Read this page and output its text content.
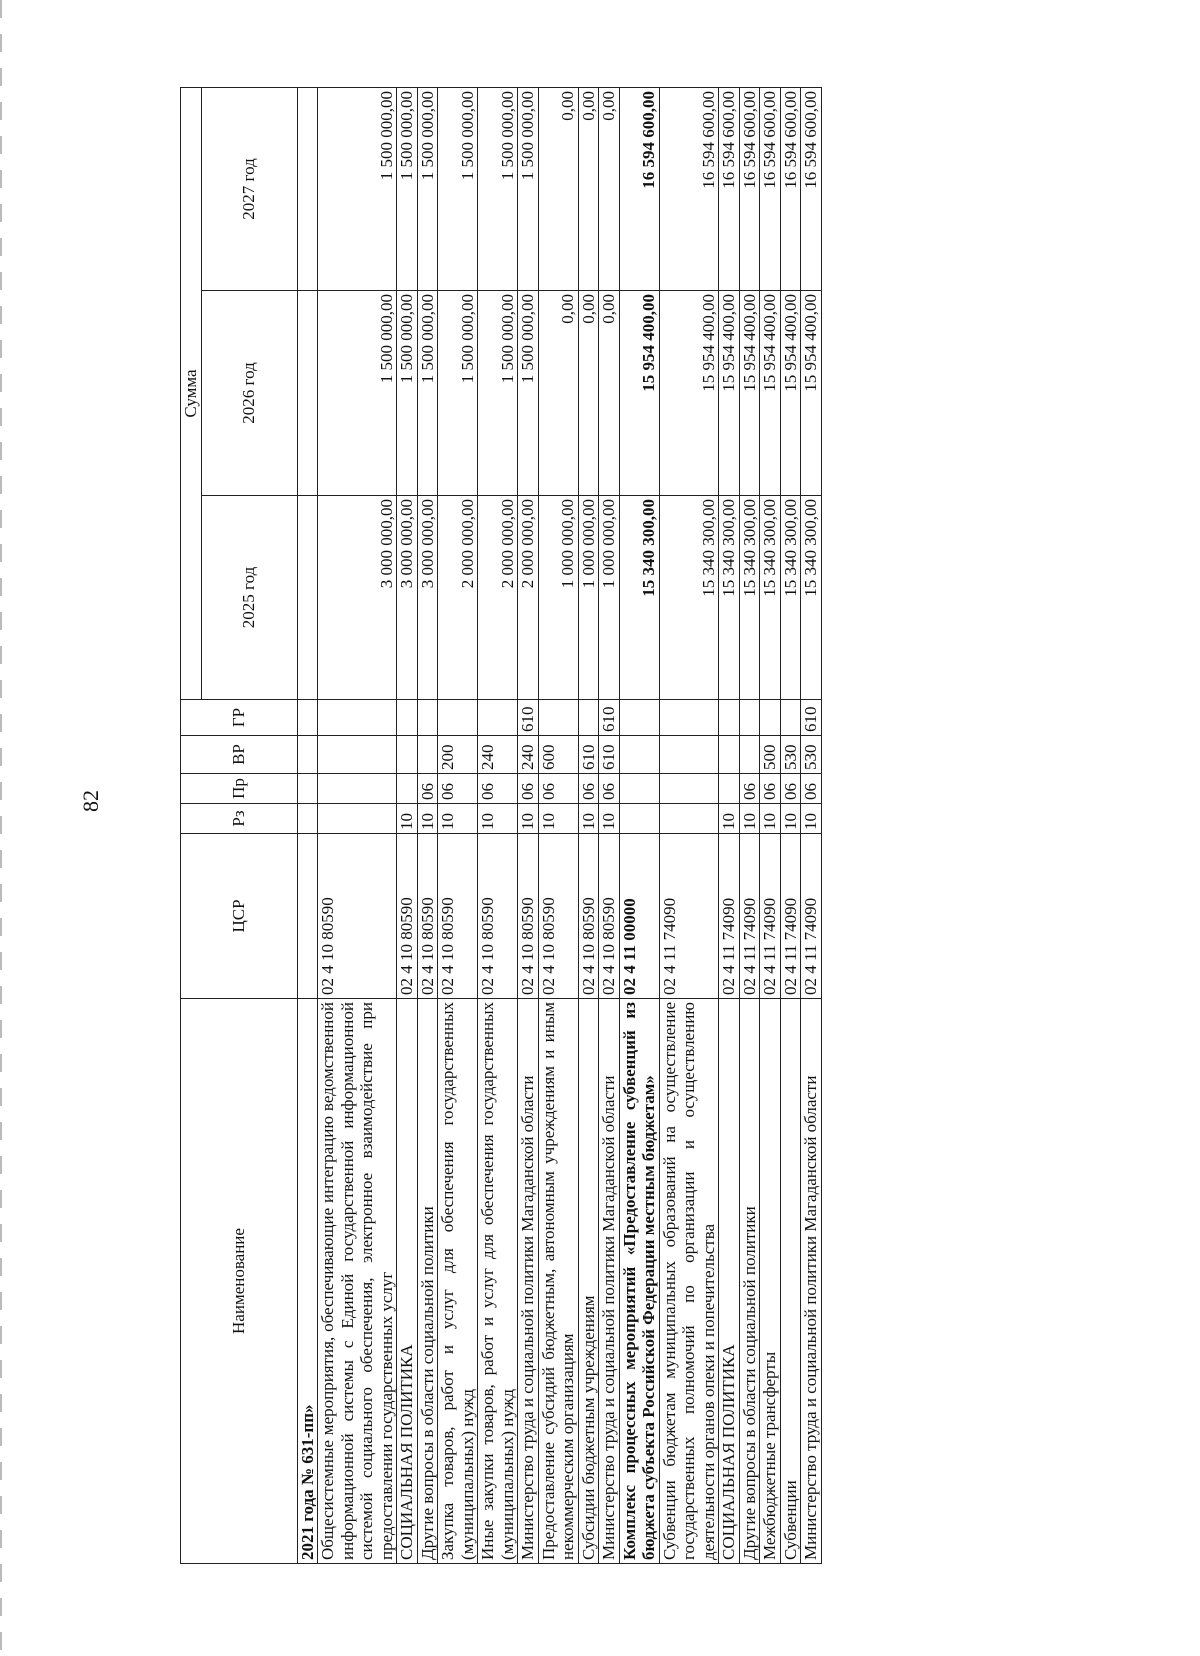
82
Наименование	ЦСР	Рз	Пр	ВР	ГР	Сумма		
						2025 год	2026 год	2027 год
2021 года № 631-пп»								
Общесистемные мероприятия, обеспечивающие интеграцию ведомственной информационной системы с Единой государственной информационной системой социального обеспечения, электронное взаимодействие при предоставлении государственных услуг	02 4 10 80590					3 000 000,00	1 500 000,00	1 500 000,00
СОЦИАЛЬНАЯ ПОЛИТИКА	02 4 10 80590	10				3 000 000,00	1 500 000,00	1 500 000,00
Другие вопросы в области социальной политики	02 4 10 80590	10	06			3 000 000,00	1 500 000,00	1 500 000,00
Закупка товаров, работ и услуг для обеспечения государственных (муниципальных) нужд	02 4 10 80590	10	06	200		2 000 000,00	1 500 000,00	1 500 000,00
Иные закупки товаров, работ и услуг для обеспечения государственных (муниципальных) нужд	02 4 10 80590	10	06	240		2 000 000,00	1 500 000,00	1 500 000,00
Министерство труда и социальной политики Магаданской области	02 4 10 80590	10	06	240	610	2 000 000,00	1 500 000,00	1 500 000,00
Предоставление субсидий бюджетным, автономным учреждениям и иным некоммерческим организациям	02 4 10 80590	10	06	600		1 000 000,00	0,00	0,00
Субсидии бюджетным учреждениям	02 4 10 80590	10	06	610		1 000 000,00	0,00	0,00
Министерство труда и социальной политики Магаданской области	02 4 10 80590	10	06	610	610	1 000 000,00	0,00	0,00
Комплекс процессных мероприятий «Предоставление субвенций из бюджета субъекта Российской Федерации местным бюджетам»	02 4 11 00000					15 340 300,00	15 954 400,00	16 594 600,00
Субвенции бюджетам муниципальных образований на осуществление государственных полномочий по организации и осуществлению деятельности органов опеки и попечительства	02 4 11 74090					15 340 300,00	15 954 400,00	16 594 600,00
СОЦИАЛЬНАЯ ПОЛИТИКА	02 4 11 74090	10				15 340 300,00	15 954 400,00	16 594 600,00
Другие вопросы в области социальной политики	02 4 11 74090	10	06			15 340 300,00	15 954 400,00	16 594 600,00
Межбюджетные трансферты	02 4 11 74090	10	06	500		15 340 300,00	15 954 400,00	16 594 600,00
Субвенции	02 4 11 74090	10	06	530		15 340 300,00	15 954 400,00	16 594 600,00
Министерство труда и социальной политики Магаданской области	02 4 11 74090	10	06	530	610	15 340 300,00	15 954 400,00	16 594 600,00
